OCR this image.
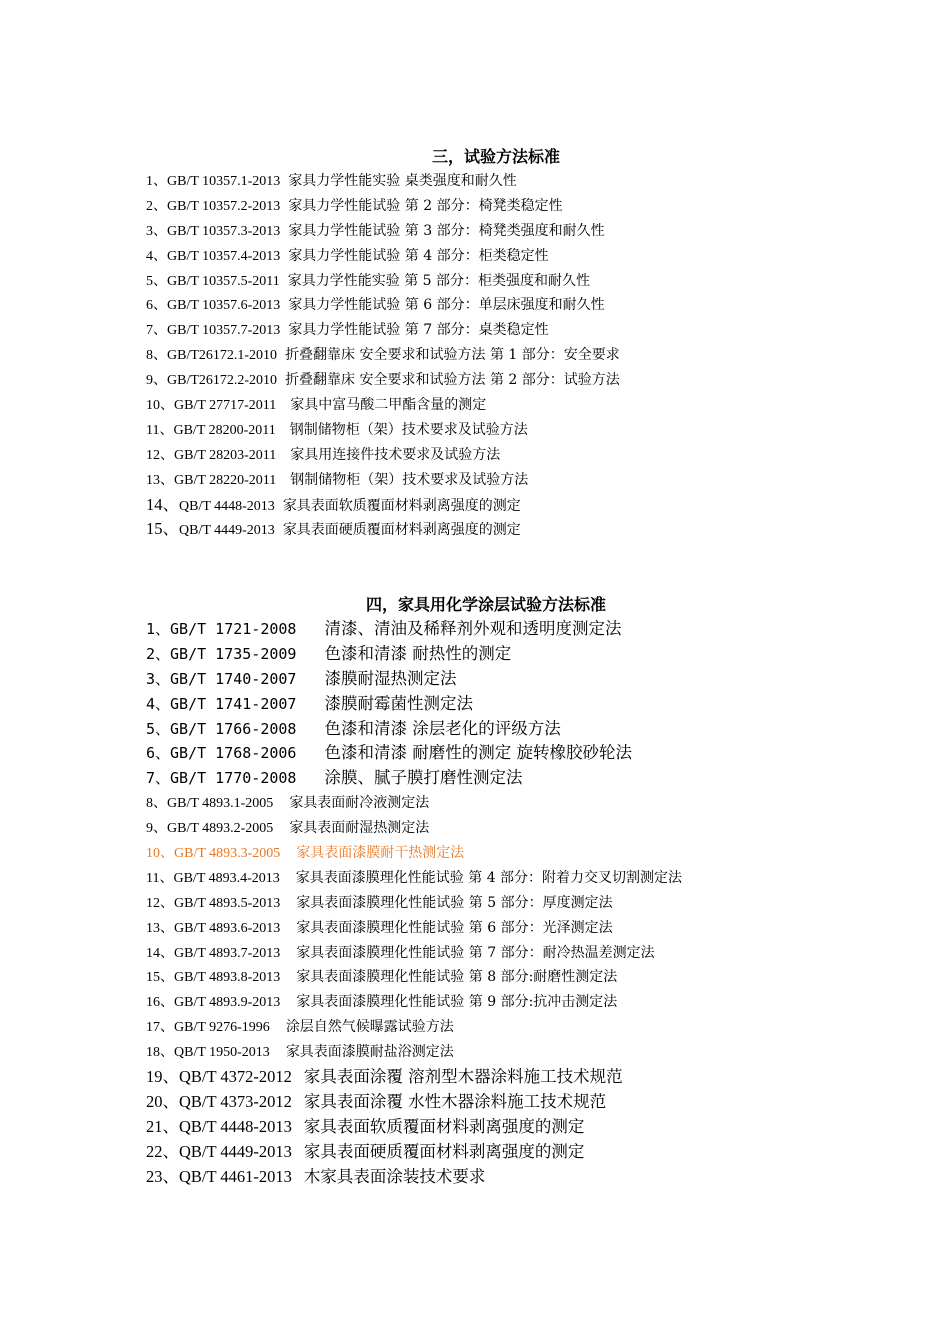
三，试验方法标准
1、GB/T 10357.1-2013 家具力学性能实验 桌类强度和耐久性
2、GB/T 10357.2-2013 家具力学性能试验 第 2 部分：椅凳类稳定性
3、GB/T 10357.3-2013 家具力学性能试验 第 3 部分：椅凳类强度和耐久性
4、GB/T 10357.4-2013 家具力学性能试验 第 4 部分：柜类稳定性
5、GB/T 10357.5-2011 家具力学性能实验 第 5 部分：柜类强度和耐久性
6、GB/T 10357.6-2013 家具力学性能试验 第 6 部分：单层床强度和耐久性
7、GB/T 10357.7-2013 家具力学性能试验 第 7 部分：桌类稳定性
8、GB/T26172.1-2010 折叠翻靠床 安全要求和试验方法 第 1 部分：安全要求
9、GB/T26172.2-2010 折叠翻靠床 安全要求和试验方法 第 2 部分：试验方法
10、GB/T 27717-2011 家具中富马酸二甲酯含量的测定
11、GB/T 28200-2011 钢制储物柜（架）技术要求及试验方法
12、GB/T 28203-2011 家具用连接件技术要求及试验方法
13、GB/T 28220-2011 钢制储物柜（架）技术要求及试验方法
14、QB/T 4448-2013 家具表面软质覆面材料剥离强度的测定
15、QB/T 4449-2013 家具表面硬质覆面材料剥离强度的测定
四，家具用化学涂层试验方法标准
1、GB/T 1721-2008 清漆、清油及稀释剂外观和透明度测定法
2、GB/T 1735-2009 色漆和清漆 耐热性的测定
3、GB/T 1740-2007 漆膜耐湿热测定法
4、GB/T 1741-2007 漆膜耐霉菌性测定法
5、GB/T 1766-2008 色漆和清漆 涂层老化的评级方法
6、GB/T 1768-2006 色漆和清漆 耐磨性的测定 旋转橡胶砂轮法
7、GB/T 1770-2008 涂膜、腻子膜打磨性测定法
8、GB/T 4893.1-2005 家具表面耐冷液测定法
9、GB/T 4893.2-2005 家具表面耐湿热测定法
10、GB/T 4893.3-2005 家具表面漆膜耐干热测定法
11、GB/T 4893.4-2013 家具表面漆膜理化性能试验 第 4 部分：附着力交叉切割测定法
12、GB/T 4893.5-2013 家具表面漆膜理化性能试验 第 5 部分：厚度测定法
13、GB/T 4893.6-2013 家具表面漆膜理化性能试验 第 6 部分：光泽测定法
14、GB/T 4893.7-2013 家具表面漆膜理化性能试验 第 7 部分：耐冷热温差测定法
15、GB/T 4893.8-2013 家具表面漆膜理化性能试验 第 8 部分:耐磨性测定法
16、GB/T 4893.9-2013 家具表面漆膜理化性能试验 第 9 部分:抗冲击测定法
17、GB/T 9276-1996 涂层自然气候曝露试验方法
18、QB/T 1950-2013 家具表面漆膜耐盐浴测定法
19、QB/T 4372-2012 家具表面涂覆 溶剂型木器涂料施工技术规范
20、QB/T 4373-2012 家具表面涂覆 水性木器涂料施工技术规范
21、QB/T 4448-2013 家具表面软质覆面材料剥离强度的测定
22、QB/T 4449-2013 家具表面硬质覆面材料剥离强度的测定
23、QB/T 4461-2013 木家具表面涂装技术要求
